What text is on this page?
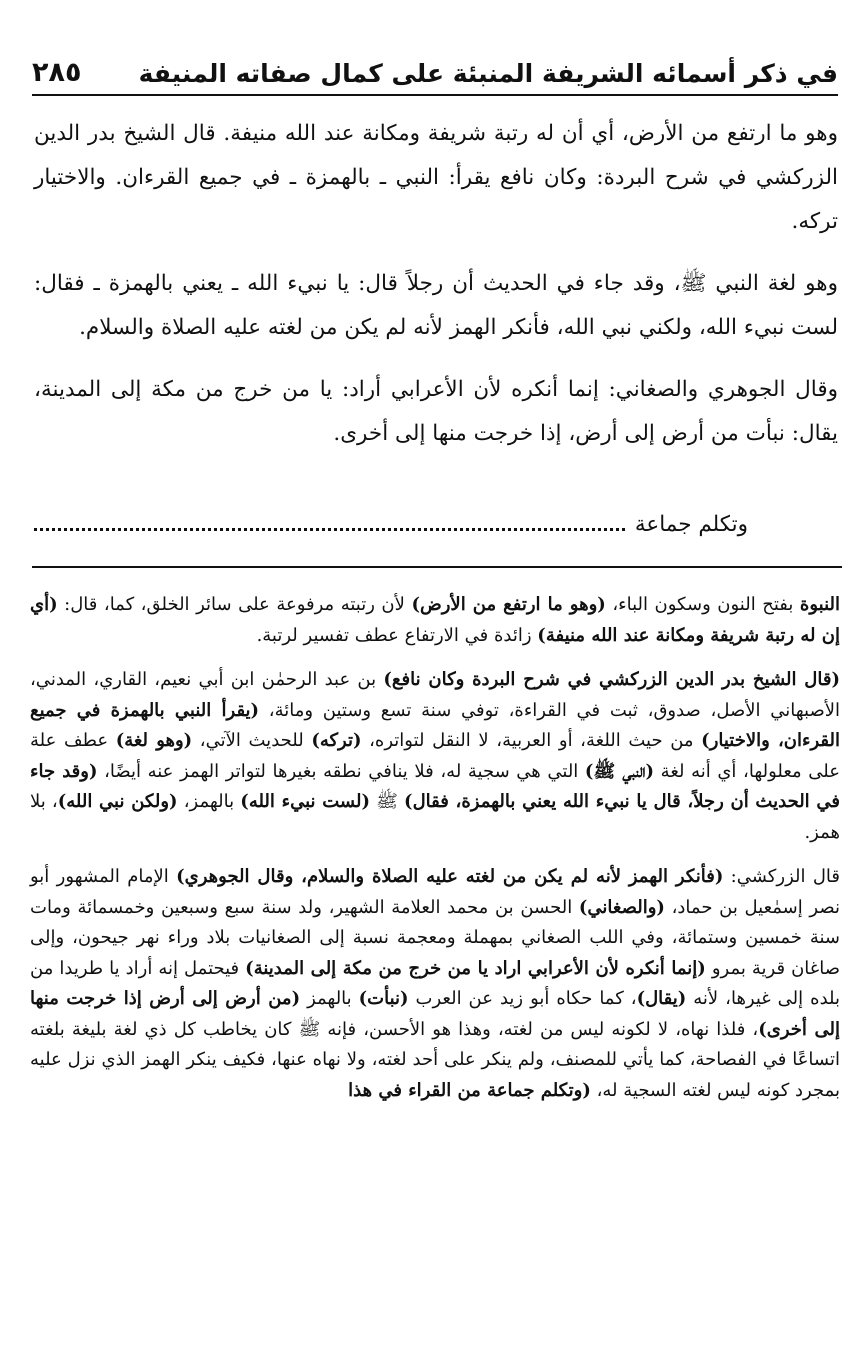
في ذكر أسمائه الشريفة المنبئة على كمال صفاته المنيفة
٢٨٥

وهو ما ارتفع من الأرض، أي أن له رتبة شريفة ومكانة عند الله منيفة. قال الشيخ بدر الدين الزركشي في شرح البردة: وكان نافع يقرأ: النبي ـ بالهمزة ـ في جميع القرءان. والاختيار تركه.

وهو لغة النبي ﷺ، وقد جاء في الحديث أن رجلاً قال: يا نبيء الله ـ يعني بالهمزة ـ فقال: لست نبيء الله، ولكني نبي الله، فأنكر الهمز لأنه لم يكن من لغته عليه الصلاة والسلام.

وقال الجوهري والصغاني: إنما أنكره لأن الأعرابي أراد: يا من خرج من مكة إلى المدينة، يقال: نبأت من أرض إلى أرض، إذا خرجت منها إلى أخرى.

وتكلم جماعة

النبوة بفتح النون وسكون الباء، (وهو ما ارتفع من الأرض) لأن رتبته مرفوعة على سائر الخلق، كما، قال: (أي إن له رتبة شريفة ومكانة عند الله منيفة) زائدة في الارتفاع عطف تفسير لرتبة.

(قال الشيخ بدر الدين الزركشي في شرح البردة وكان نافع) بن عبد الرحمٰن ابن أبي نعيم، القاري، المدني، الأصبهاني الأصل، صدوق، ثبت في القراءة، توفي سنة تسع وستين ومائة، (يقرأ النبي بالهمزة في جميع القرءان، والاختيار) من حيث اللغة، أو العربية، لا النقل لتواتره، (تركه) للحديث الآتي، (وهو لغة) عطف علة على معلولها، أي أنه لغة (النبي ﷺ) التي هي سجية له، فلا ينافي نطقه بغيرها لتواتر الهمز عنه أيضًا، (وقد جاء في الحديث أن رجلاً، قال يا نبيء الله يعني بالهمزة، فقال) ﷺ (لست نبيء الله) بالهمز، (ولكن نبي الله)، بلا همز.

قال الزركشي: (فأنكر الهمز لأنه لم يكن من لغته عليه الصلاة والسلام، وقال الجوهري) الإمام المشهور أبو نصر إسمٰعيل بن حماد، (والصغاني) الحسن بن محمد العلامة الشهير، ولد سنة سبع وسبعين وخمسمائة ومات سنة خمسين وستمائة، وفي اللب الصغاني بمهملة ومعجمة نسبة إلى الصغانيات بلاد وراء نهر جيحون، وإلى صاغان قرية بمرو (إنما أنكره لأن الأعرابي اراد يا من خرج من مكة إلى المدينة) فيحتمل إنه أراد يا طريدا من بلده إلى غيرها، لأنه (يقال)، كما حكاه أبو زيد عن العرب (نبأت) بالهمز (من أرض إلى أرض إذا خرجت منها إلى أخرى)، فلذا نهاه، لا لكونه ليس من لغته، وهذا هو الأحسن، فإنه ﷺ كان يخاطب كل ذي لغة بليغة بلغته اتساعًا في الفصاحة، كما يأتي للمصنف، ولم ينكر على أحد لغته، ولا نهاه عنها، فكيف ينكر الهمز الذي نزل عليه بمجرد كونه ليس لغته السجية له، (وتكلم جماعة من القراء في هذا
